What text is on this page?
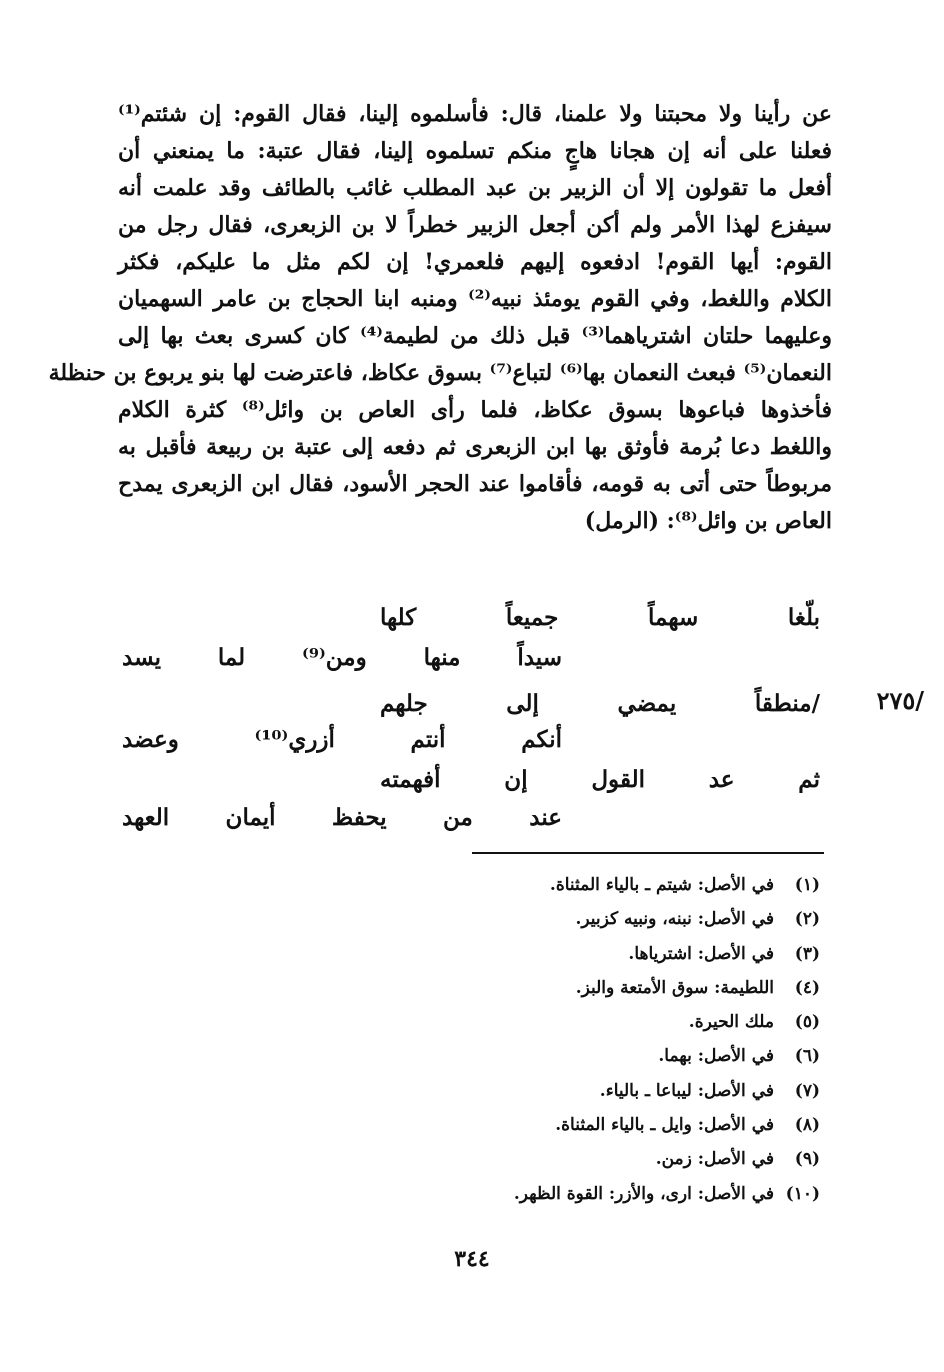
عن رأينا ولا محبتنا ولا علمنا، قال: فأسلموه إلينا، فقال القوم: إن شئتم⁽¹⁾
فعلنا على أنه إن هجانا هاجٍ منكم تسلموه إلينا، فقال عتبة: ما يمنعني أن
أفعل ما تقولون إلا أن الزبير بن عبد المطلب غائب بالطائف وقد علمت أنه
سيفزع لهذا الأمر ولم أكن أجعل الزبير خطراً لا بن الزبعرى، فقال رجل من
القوم: أيها القوم! ادفعوه إليهم فلعمري! إن لكم مثل ما عليكم، فكثر
الكلام واللغط، وفي القوم يومئذ نبيه⁽²⁾ ومنبه ابنا الحجاج بن عامر السهميان
وعليهما حلتان اشترياهما⁽³⁾ قبل ذلك من لطيمة⁽⁴⁾ كان كسرى بعث بها إلى
النعمان⁽⁵⁾ فبعث النعمان بها⁽⁶⁾ لتباع⁽⁷⁾ بسوق عكاظ، فاعترضت لها بنو يربوع بن حنظلة
فأخذوها فباعوها بسوق عكاظ، فلما رأى العاص بن وائل⁽⁸⁾ كثرة الكلام
واللغط دعا بُرمة فأوثق بها ابن الزبعرى ثم دفعه إلى عتبة بن ربيعة فأقبل به
مربوطاً حتى أتى به قومه، فأقاموا عند الحجر الأسود، فقال ابن الزبعرى يمدح
العاص بن وائل⁽⁸⁾: (الرمل)
بلّغا سهماً جميعاً كلها
سيداً منها ومن⁽⁹⁾ لما يسد
/منطقاً يمضي إلى جلهم
أنكم أنتم أزري⁽¹⁰⁾ وعضد
ثم عد القول إن أفهمته
عند من يحفظ أيمان العهد
/٢٧٥
(١)
في الأصل: شيتم ـ بالياء المثناة.
(٢)
في الأصل: نبنه، ونبيه كزبير.
(٣)
في الأصل: اشترياها.
(٤)
اللطيمة: سوق الأمتعة والبز.
(٥)
ملك الحيرة.
(٦)
في الأصل: بهما.
(٧)
في الأصل: ليباعا ـ بالياء.
(٨)
في الأصل: وايل ـ بالياء المثناة.
(٩)
في الأصل: زمن.
(١٠)
في الأصل: ارى، والأزر: القوة الظهر.
٣٤٤
